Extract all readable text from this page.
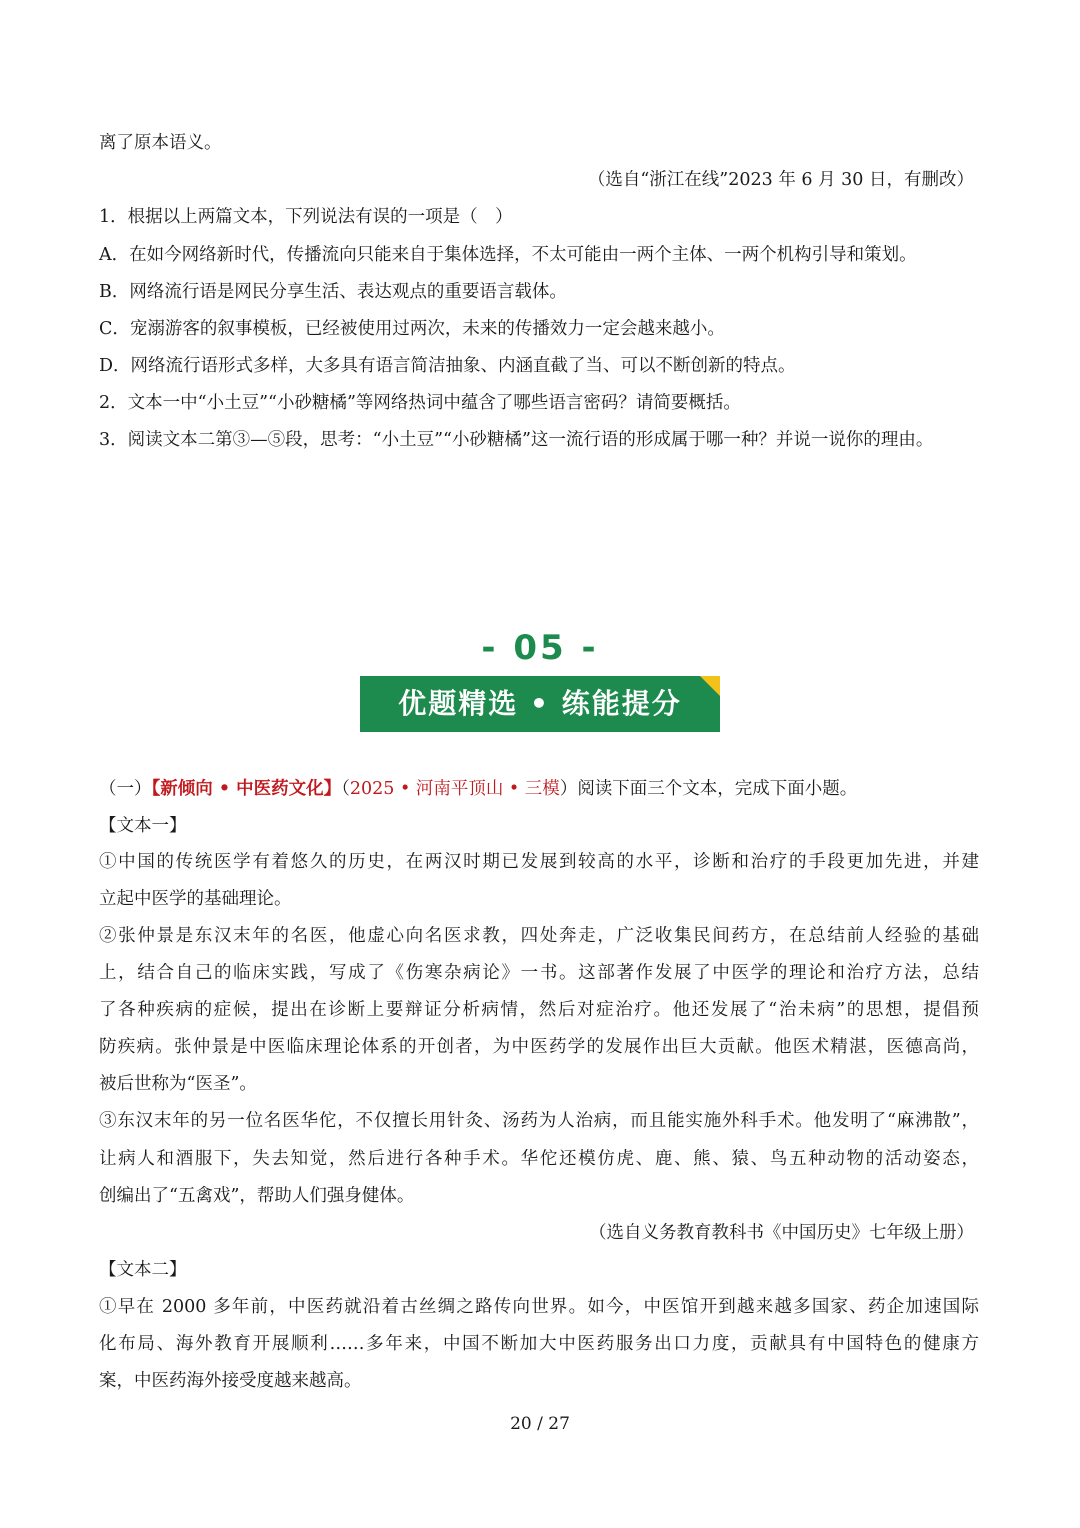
离了原本语义。
（选自“浙江在线”2023 年 6 月 30 日，有删改）
1．根据以上两篇文本，下列说法有误的一项是（　）
A．在如今网络新时代，传播流向只能来自于集体选择，不太可能由一两个主体、一两个机构引导和策划。
B．网络流行语是网民分享生活、表达观点的重要语言载体。
C．宠溺游客的叙事模板，已经被使用过两次，未来的传播效力一定会越来越小。
D．网络流行语形式多样，大多具有语言简洁抽象、内涵直截了当、可以不断创新的特点。
2．文本一中“小土豆”“小砂糖橘”等网络热词中蕴含了哪些语言密码？请简要概括。
3．阅读文本二第③—⑤段，思考：“小土豆”“小砂糖橘”这一流行语的形成属于哪一种？并说一说你的理由。
- 05 -
优题精选 • 练能提分
（一）【新倾向 • 中医药文化】（2025 • 河南平顶山 • 三模）阅读下面三个文本，完成下面小题。
【文本一】
①中国的传统医学有着悠久的历史，在两汉时期已发展到较高的水平，诊断和治疗的手段更加先进，并建
立起中医学的基础理论。
②张仲景是东汉末年的名医，他虚心向名医求教，四处奔走，广泛收集民间药方，在总结前人经验的基础
上，结合自己的临床实践，写成了《伤寒杂病论》一书。这部著作发展了中医学的理论和治疗方法，总结
了各种疾病的症候，提出在诊断上要辩证分析病情，然后对症治疗。他还发展了“治未病”的思想，提倡预
防疾病。张仲景是中医临床理论体系的开创者，为中医药学的发展作出巨大贡献。他医术精湛，医德高尚，
被后世称为“医圣”。
③东汉末年的另一位名医华佗，不仅擅长用针灸、汤药为人治病，而且能实施外科手术。他发明了“麻沸散”，
让病人和酒服下，失去知觉，然后进行各种手术。华佗还模仿虎、鹿、熊、猿、鸟五种动物的活动姿态，
创编出了“五禽戏”，帮助人们强身健体。
（选自义务教育教科书《中国历史》七年级上册）
【文本二】
①早在 2000 多年前，中医药就沿着古丝绸之路传向世界。如今，中医馆开到越来越多国家、药企加速国际
化布局、海外教育开展顺利……多年来，中国不断加大中医药服务出口力度，贡献具有中国特色的健康方
案，中医药海外接受度越来越高。
20 / 27
